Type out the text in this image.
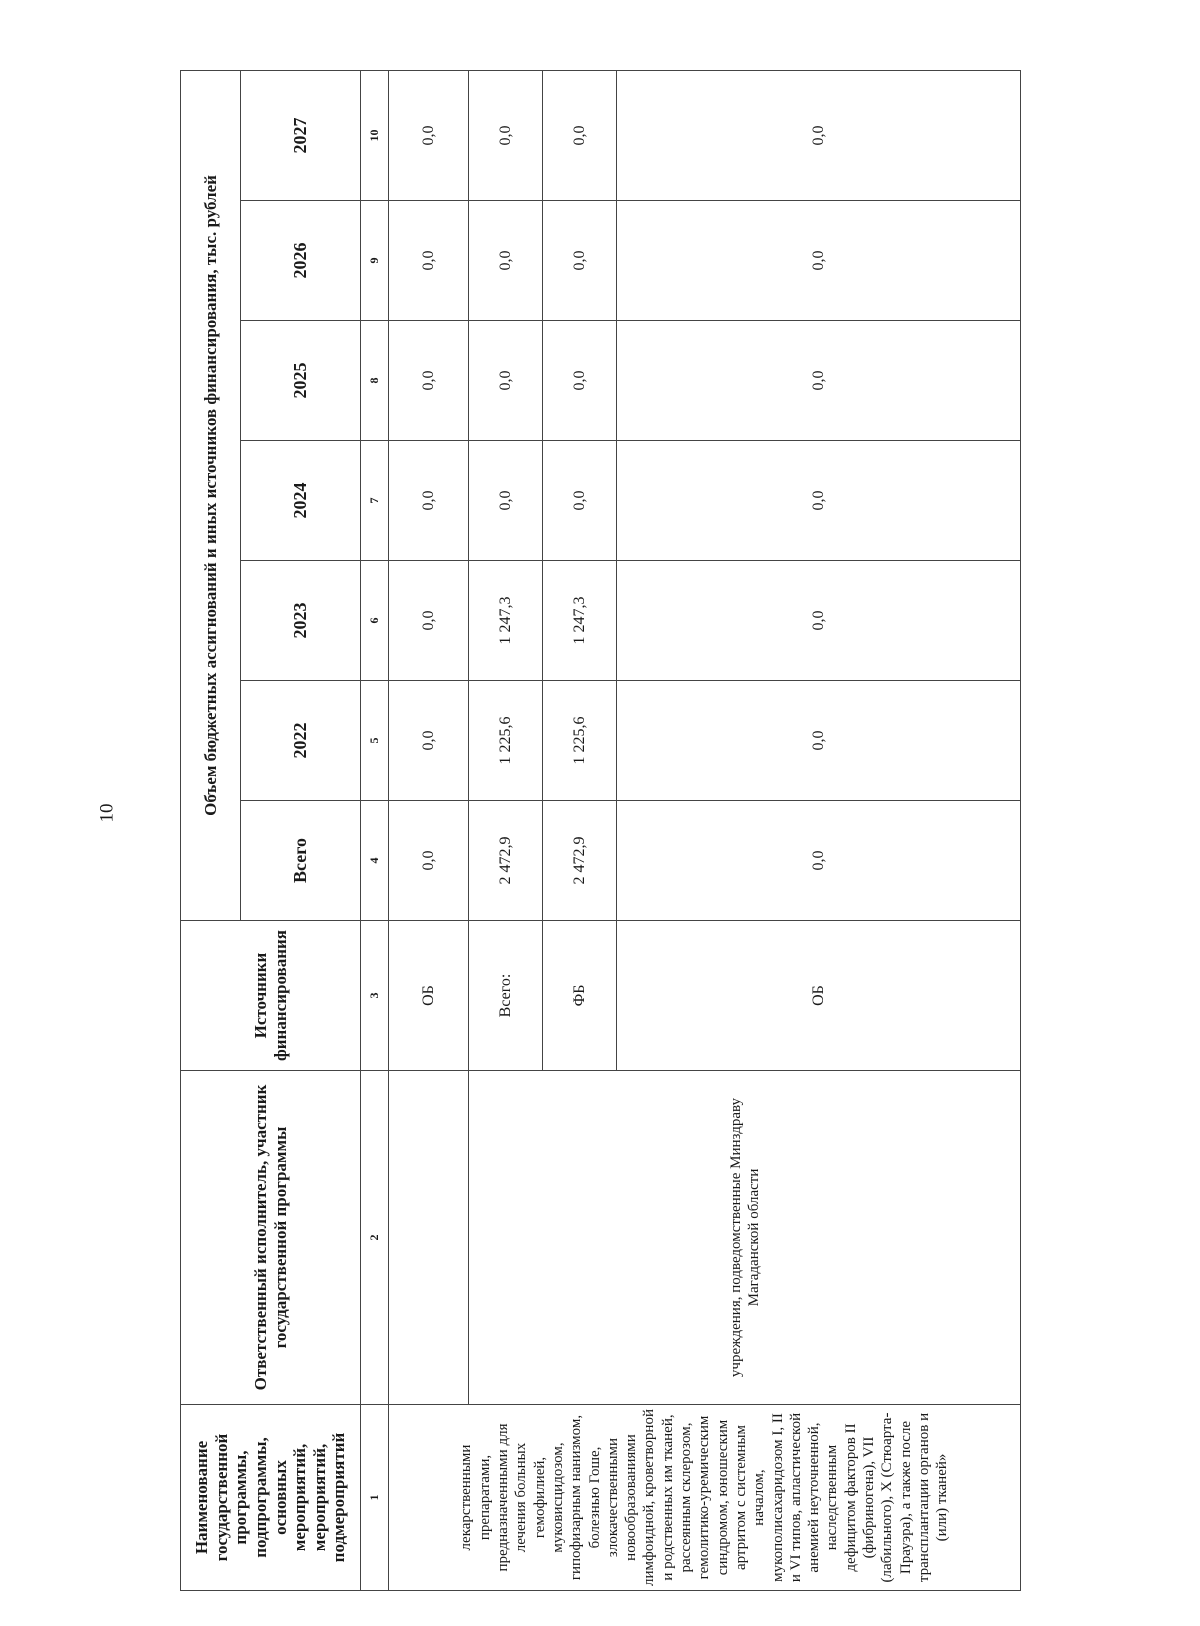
10
Наименование государственной программы, подпрограммы, основных мероприятий, мероприятий, подмероприятий	Ответственный исполнитель, участник государственной программы	Источники финансирования	Объем бюджетных ассигнований и иных источников финансирования, тыс. рублей						
			Всего	2022	2023	2024	2025	2026	2027
1	2	3	4	5	6	7	8	9	10
лекарственными препаратами, предназначенными для лечения больных гемофилией, муковисцидозом, гипофизарным нанизмом, болезнью Гоше, злокачественными новообразованиями лимфоидной, кроветворной и родственных им тканей, рассеянным склерозом, гемолитико-уремическим синдромом, юношеским артритом с системным началом, мукополисахаридозом I, II и VI типов, апластической анемией неуточненной, наследственным дефицитом факторов II (фибриногена), VII (лабильного), X (Стюарта-Прауэра), а также после трансплантации органов и (или) тканей»		ОБ	0,0	0,0	0,0	0,0	0,0	0,0	0,0
	учреждения, подведомственные Минздраву Магаданской области	Всего:	2 472,9	1 225,6	1 247,3	0,0	0,0	0,0	0,0
		ФБ	2 472,9	1 225,6	1 247,3	0,0	0,0	0,0	0,0
		ОБ	0,0	0,0	0,0	0,0	0,0	0,0	0,0
